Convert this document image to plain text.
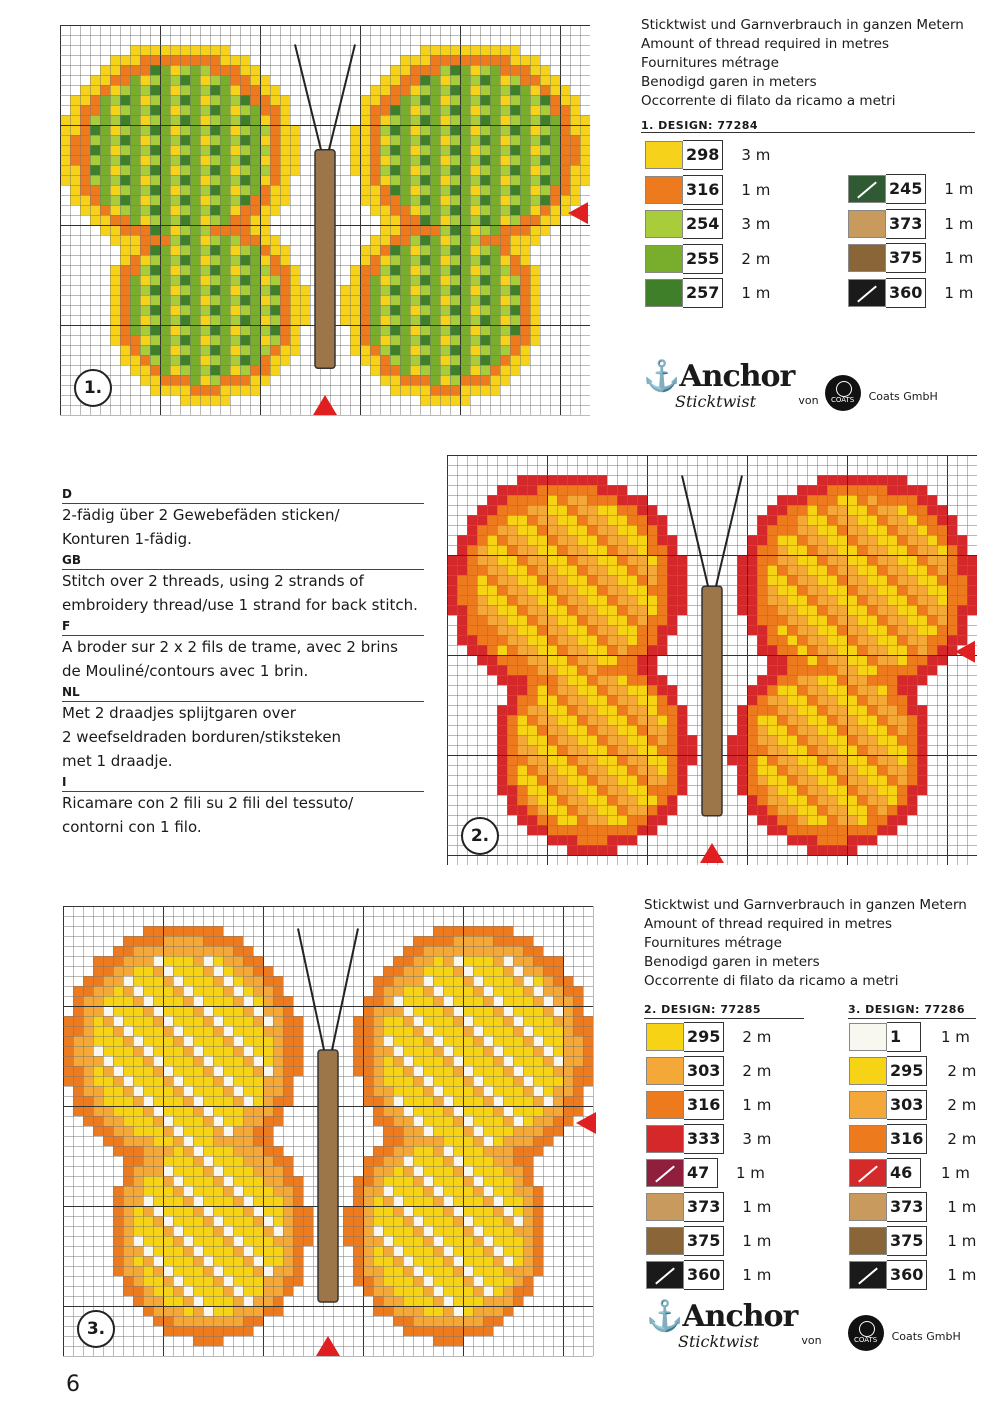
1.
2.
3.
Sticktwist und Garnverbrauch in ganzen Metern
Amount of thread required in metres
Fournitures métrage
Benodigd garen in meters
Occorrente di filato da ricamo a metri
1. DESIGN: 77284
298 3 m
316 1 m
254 3 m
255 2 m
257 1 m
245 1 m
373 1 m
375 1 m
360 1 m
⚓Anchor
Sticktwist	von	COATS	Coats GmbH
D
2-fädig über 2 Gewebefäden sticken/
Konturen 1-fädig.
GB
Stitch over 2 threads, using 2 strands of
embroidery thread/use 1 strand for back stitch.
F
A broder sur 2 x 2 fils de trame, avec 2 brins
de Mouliné/contours avec 1 brin.
NL
Met 2 draadjes splijtgaren over
2 weefseldraden borduren/stiksteken
met 1 draadje.
I
Ricamare con 2 fili su 2 fili del tessuto/
contorni con 1 filo.
Sticktwist und Garnverbrauch in ganzen Metern
Amount of thread required in metres
Fournitures métrage
Benodigd garen in meters
Occorrente di filato da ricamo a metri
2. DESIGN: 77285	3. DESIGN: 77286
295 2 m
303 2 m
316 1 m
333 3 m
47	1 m
373 1 m
375 1 m
360 1 m
1	1 m
295 2 m
303 2 m
316 2 m
46	1 m
373 1 m
375 1 m
360 1 m
⚓Anchor
Sticktwist	von	COATS	Coats GmbH
6
